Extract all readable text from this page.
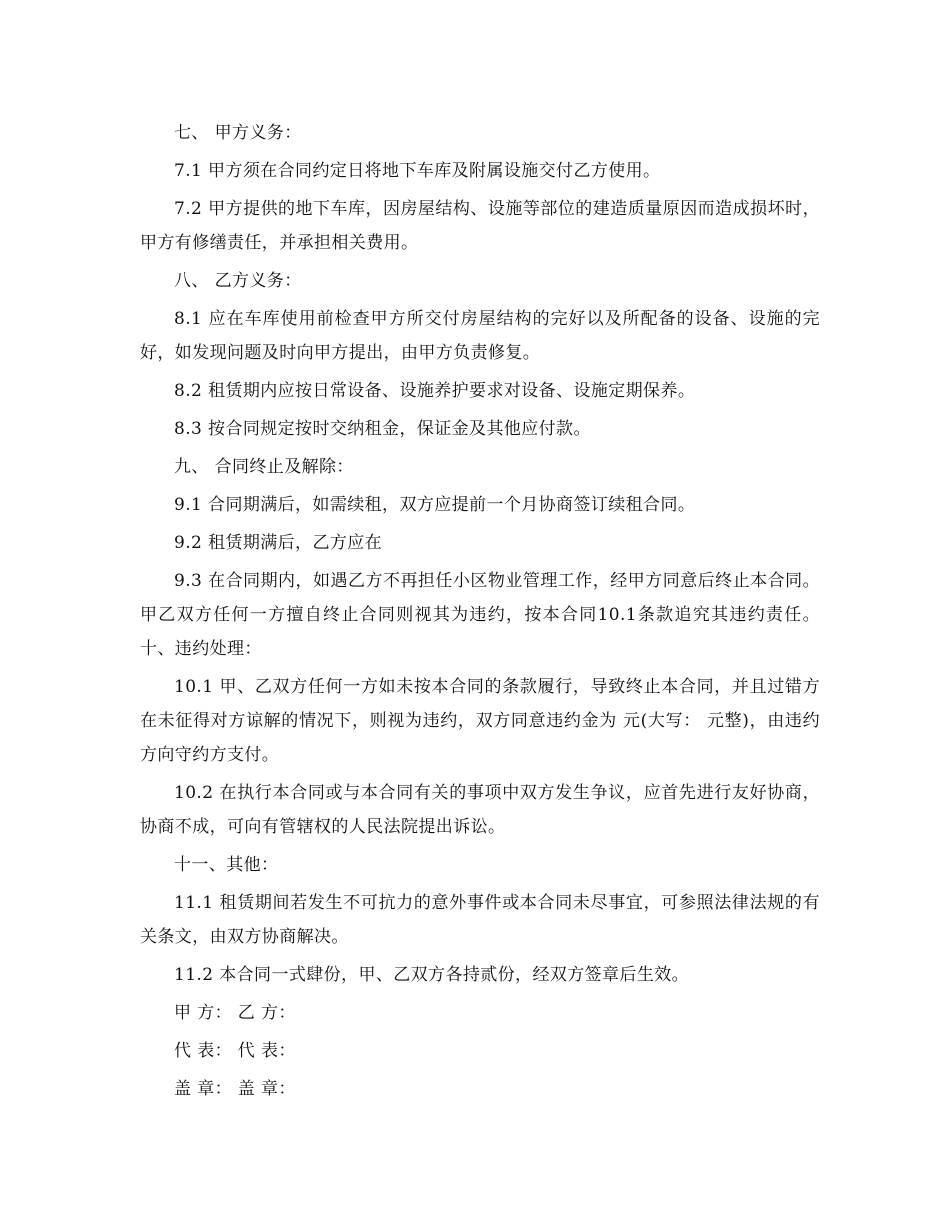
七、 甲方义务：

7.1 甲方须在合同约定日将地下车库及附属设施交付乙方使用。

7.2 甲方提供的地下车库，因房屋结构、设施等部位的建造质量原因而造成损坏时，甲方有修缮责任，并承担相关费用。

八、 乙方义务：

8.1 应在车库使用前检查甲方所交付房屋结构的完好以及所配备的设备、设施的完好，如发现问题及时向甲方提出，由甲方负责修复。

8.2 租赁期内应按日常设备、设施养护要求对设备、设施定期保养。

8.3 按合同规定按时交纳租金，保证金及其他应付款。

九、 合同终止及解除：

9.1 合同期满后，如需续租，双方应提前一个月协商签订续租合同。

9.2 租赁期满后，乙方应在

9.3 在合同期内，如遇乙方不再担任小区物业管理工作，经甲方同意后终止本合同。甲乙双方任何一方擅自终止合同则视其为违约，按本合同10.1条款追究其违约责任。 十、违约处理：

10.1 甲、乙双方任何一方如未按本合同的条款履行，导致终止本合同，并且过错方在未征得对方谅解的情况下，则视为违约，双方同意违约金为 元(大写： 元整)，由违约方向守约方支付。

10.2 在执行本合同或与本合同有关的事项中双方发生争议，应首先进行友好协商，协商不成，可向有管辖权的人民法院提出诉讼。

十一、其他：

11.1 租赁期间若发生不可抗力的意外事件或本合同未尽事宜，可参照法律法规的有关条文，由双方协商解决。

11.2 本合同一式肆份，甲、乙双方各持贰份，经双方签章后生效。

甲 方： 乙 方：

代 表： 代 表：

盖 章： 盖 章：
